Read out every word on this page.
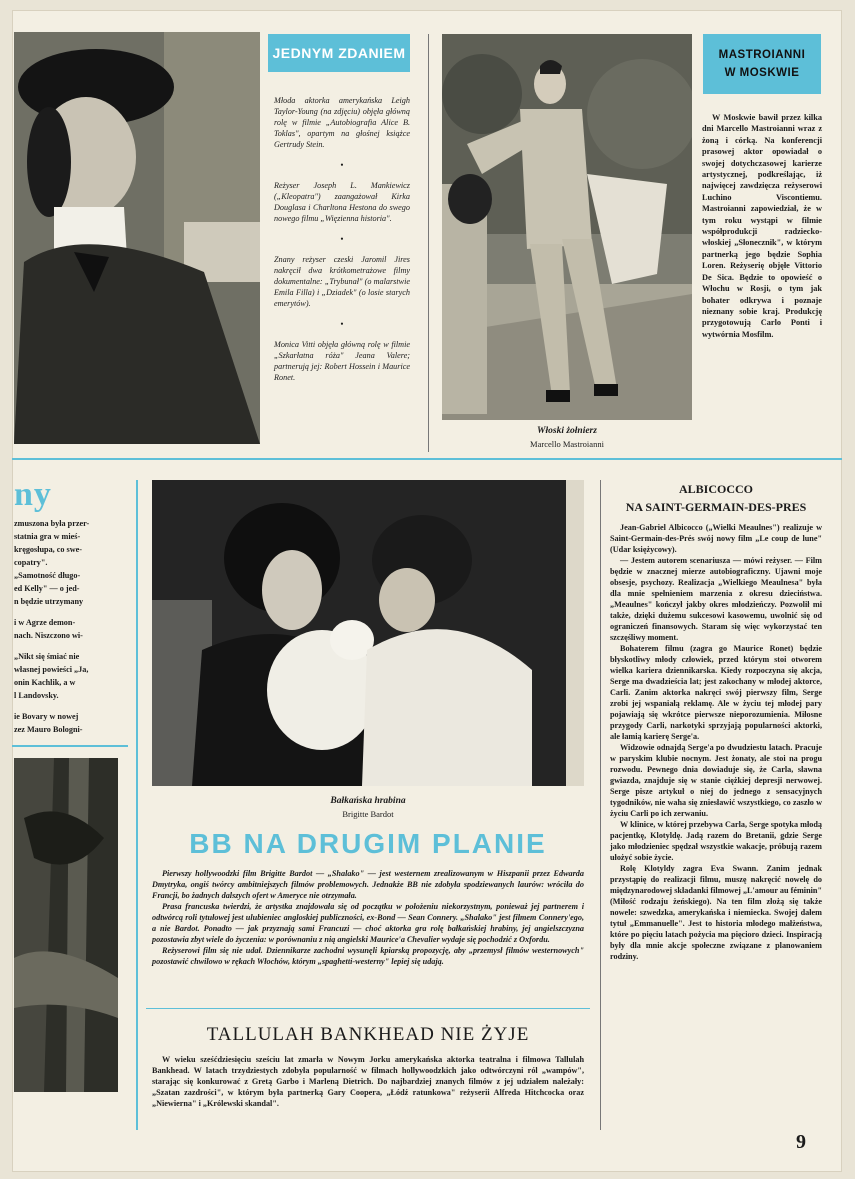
JEDNYM ZDANIEM
Młoda aktorka amerykańska Leigh Taylor-Young (na zdjęciu) objęła główną rolę w filmie „Autobiografia Alice B. Toklas", opartym na głośnej książce Gertrudy Stein.
•
Reżyser Joseph L. Mankiewicz („Kleopatra") zaangażował Kirka Douglasa i Charltona Hestona do swego nowego filmu „Więzienna historia".
•
Znany reżyser czeski Jaromil Jires nakręcił dwa krótkometrażowe filmy dokumentalne: „Trybunał" (o malarstwie Emila Filla) i „Dziadek" (o losie starych emerytów).
•
Monica Vitti objęła główną rolę w filmie „Szkarłatna róża" Jeana Valere; partnerują jej: Robert Hossein i Maurice Ronet.
Włoski żołnierz
Marcello Mastroianni
MASTROIANNI
W MOSKWIE
W Moskwie bawił przez kilka dni Marcello Mastroianni wraz z żoną i córką. Na konferencji prasowej aktor opowiadał o swojej dotychczasowej karierze artystycznej, podkreślając, iż najwięcej zawdzięcza reżyserowi Luchino Viscontiemu. Mastroianni zapowiedział, że w tym roku wystąpi w filmie współprodukcji radziecko-włoskiej „Słonecznik", w którym partnerką jego będzie Sophia Loren. Reżyserię objęłe Vittorio De Sica. Będzie to opowieść o Włochu w Rosji, o tym jak bohater odkrywa i poznaje nieznany sobie kraj. Produkcję przygotowują Carlo Ponti i wytwórnia Mosfilm.
ny
zmuszona była przer-
statnia gra w mieś-
kręgosłupa, co swe-
copatry".
„Samotność długo-
ed Kelly" — o jed-
n będzie utrzymany
i w Agrze demon-
nach. Niszczono wi-
„Nikt się śmiać nie
własnej powieści „Ja,
onin Kachlik, a w
l Landovsky.
ie Bovary w nowej
zez Mauro Bologni-
Bałkańska hrabina
Brigitte Bardot
BB NA DRUGIM PLANIE

Pierwszy hollywoodzki film Brigitte Bardot — „Shalako" — jest westernem zrealizowanym w Hiszpanii przez Edwarda Dmytryka, ongiś twórcy ambitniejszych filmów problemowych. Jednakże BB nie zdobyła spodziewanych laurów: wróciła do Francji, bo żadnych dalszych ofert w Ameryce nie otrzymała.

Prasa francuska twierdzi, że artystka znajdowała się od początku w położeniu niekorzystnym, ponieważ jej partnerem i odtwórcą roli tytułowej jest ulubieniec angloskiej publiczności, ex-Bond — Sean Connery. „Shalako" jest filmem Connery'ego, a nie Bardot. Ponadto — jak przyznają sami Francuzi — choć aktorka gra rolę bałkańskiej hrabiny, jej angielszczyzna pozostawia zbyt wiele do życzenia: w porównaniu z nią angielski Maurice'a Chevalier wydaje się pochodzić z Oxfordu.

Reżyserowi film się nie udał. Dziennikarze zachodni wysunęli kpiarską propozycję, aby „przemysł filmów westernowych" pozostawić chwilowo w rękach Włochów, którym „spaghetti-westerny" lepiej się udają.

TALLULAH BANKHEAD NIE ŻYJE
W wieku sześćdziesięciu sześciu lat zmarła w Nowym Jorku amerykańska aktorka teatralna i filmowa Tallulah Bankhead. W latach trzydziestych zdobyła popularność w filmach hollywoodzkich jako odtwórczyni ról „wampów", starając się konkurować z Gretą Garbo i Marleną Dietrich. Do najbardziej znanych filmów z jej udziałem należały: „Szatan zazdrości", w którym była partnerką Gary Coopera, „Łódź ratunkowa" reżyserii Alfreda Hitchcocka oraz „Niewierna" i „Królewski skandal".
ALBICOCCO
NA SAINT-GERMAIN-DES-PRES

Jean-Gabriel Albicocco („Wielki Meaulnes") realizuje w Saint-Germain-des-Prés swój nowy film „Le coup de lune" (Udar księżycowy).

— Jestem autorem scenariusza — mówi reżyser. — Film będzie w znacznej mierze autobiograficzny. Ujawni moje obsesje, psychozy. Realizacja „Wielkiego Meaulnesa" była dla mnie spełnieniem marzenia z okresu dzieciństwa. „Meaulnes" kończył jakby okres młodzieńczy. Pozwolił mi także, dzięki dużemu sukcesowi kasowemu, uwolnić się od ograniczeń finansowych. Staram się więc wykorzystać ten szczęśliwy moment.

Bohaterem filmu (zagra go Maurice Ronet) będzie błyskotliwy młody człowiek, przed którym stoi otworem wielka kariera dziennikarska. Kiedy rozpoczyna się akcja, Serge ma dwadzieścia lat; jest zakochany w młodej aktorce, Carli. Zanim aktorka nakręci swój pierwszy film, Serge zrobi jej wspaniałą reklamę. Ale w życiu tej młodej pary pojawiają się wkrótce pierwsze nieporozumienia. Miłosne przygody Carli, narkotyki sprzyjają popularności aktorki, ale łamią karierę Serge'a.

Widzowie odnajdą Serge'a po dwudziestu latach. Pracuje w paryskim klubie nocnym. Jest żonaty, ale stoi na progu rozwodu. Pewnego dnia dowiaduje się, że Carla, sławna gwiazda, znajduje się w stanie ciężkiej depresji nerwowej. Serge pisze artykuł o niej do jednego z sensacyjnych tygodników, nie waha się zniesławić wszystkiego, co zaszło w życiu Carli po ich zerwaniu.

W klinice, w której przebywa Carla, Serge spotyka młodą pacjentkę, Klotyldę. Jadą razem do Bretanii, gdzie Serge jako młodzieniec spędzał wszystkie wakacje, próbują razem ułożyć sobie życie.

Rolę Klotyldy zagra Eva Swann. Zanim jednak przystąpię do realizacji filmu, muszę nakręcić nowelę do międzynarodowej składanki filmowej „L'amour au féminin" (Miłość rodzaju żeńskiego). Na ten film złożą się także nowele: szwedzka, amerykańska i niemiecka. Swojej dałem tytuł „Emmanuelle". Jest to historia młodego małżeństwa, które po pięciu latach pożycia ma pięcioro dzieci. Inspiracją były dla mnie akcje społeczne związane z planowaniem rodziny.

9
